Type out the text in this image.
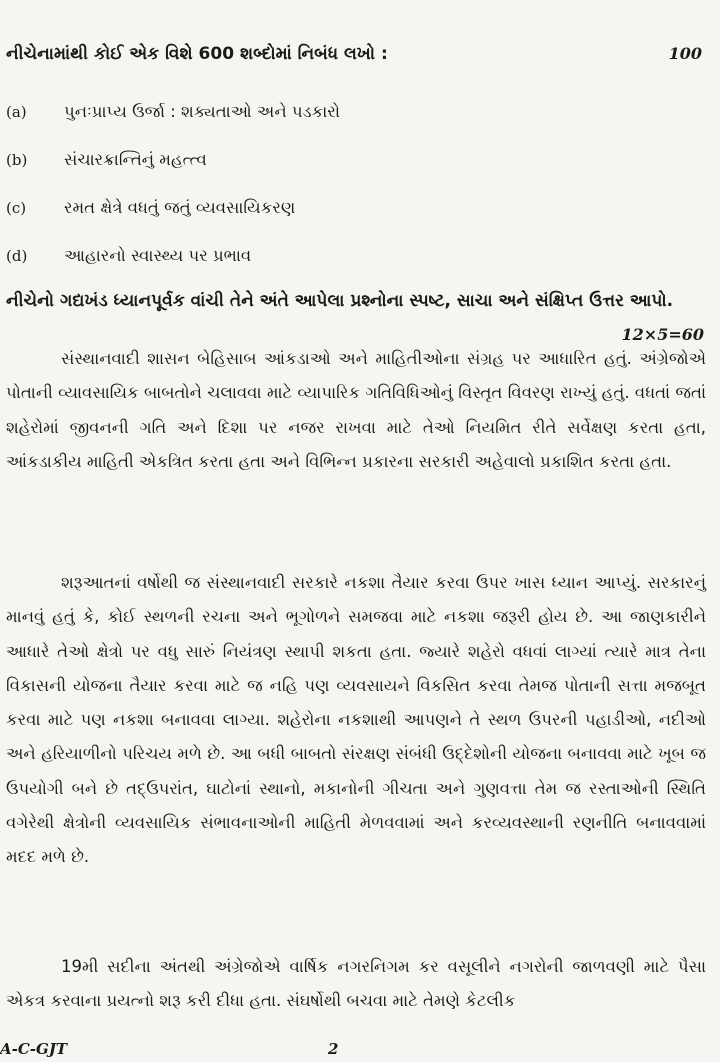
નીચેનામાંથી કોઈ એક વિશે 600 શબ્દોમાં નિબંધ લખો :	100
(a)	પુનઃપ્રાપ્ય ઉર્જા : શક્યતાઓ અને પડકારો
(b)	સંચારક્રાન્તિનું મહત્ત્વ
(c)	રમત ક્ષેત્રે વધતું જતું વ્યવસાયિકરણ
(d)	આહારનો સ્વાસ્થ્ય પર પ્રભાવ
નીચેનો ગદ્યખંડ ધ્યાનપૂર્વક વાંચી તેને અંતે આપેલા પ્રશ્નોના સ્પષ્ટ, સાચા અને સંક્ષિપ્ત ઉત્તર આપો.
12×5=60

સંસ્થાનવાદી શાસન બેહિસાબ આંકડાઓ અને માહિતીઓના સંગ્રહ પર આધારિત હતું. અંગ્રેજોએ પોતાની વ્યાવસાયિક બાબતોને ચલાવવા માટે વ્યાપારિક ગતિવિધિઓનું વિસ્તૃત વિવરણ રાખ્યું હતું. વધતાં જતાં શહેરોમાં જીવનની ગતિ અને દિશા પર નજર રાખવા માટે તેઓ નિયમિત રીતે સર્વેક્ષણ કરતા હતા, આંકડાકીય માહિતી એકત્રિત કરતા હતા અને વિભિન્ન પ્રકારના સરકારી અહેવાલો પ્રકાશિત કરતા હતા.

શરૂઆતનાં વર્ષોથી જ સંસ્થાનવાદી સરકારે નકશા તૈયાર કરવા ઉપર ખાસ ધ્યાન આપ્યું. સરકારનું માનવું હતું કે, કોઈ સ્થળની રચના અને ભૂગોળને સમજવા માટે નકશા જરૂરી હોય છે. આ જાણકારીને આધારે તેઓ ક્ષેત્રો પર વધુ સારું નિયંત્રણ સ્થાપી શકતા હતા. જ્યારે શહેરો વધવાં લાગ્યાં ત્યારે માત્ર તેના વિકાસની યોજના તૈયાર કરવા માટે જ નહિ પણ વ્યવસાયને વિકસિત કરવા તેમજ પોતાની સત્તા મજબૂત કરવા માટે પણ નકશા બનાવવા લાગ્યા. શહેરોના નકશાથી આપણને તે સ્થળ ઉપરની પહાડીઓ, નદીઓ અને હરિયાળીનો પરિચય મળે છે. આ બધી બાબતો સંરક્ષણ સંબંધી ઉદ્દેશોની યોજના બનાવવા માટે ખૂબ જ ઉપયોગી બને છે તદ્ઉપરાંત, ઘાટોનાં સ્થાનો, મકાનોની ગીચતા અને ગુણવત્તા તેમ જ રસ્તાઓની સ્થિતિ વગેરેથી ક્ષેત્રોની વ્યવસાયિક સંભાવનાઓની માહિતી મેળવવામાં અને કરવ્યવસ્થાની રણનીતિ બનાવવામાં મદદ મળે છે.

19મી સદીના અંતથી અંગ્રેજોએ વાર્ષિક નગરનિગમ કર વસૂલીને નગરોની જાળવણી માટે પૈસા એકત્ર કરવાના પ્રયત્નો શરૂ કરી દીધા હતા. સંઘર્ષોથી બચવા માટે તેમણે કેટલીક

A-C-GJT	2
